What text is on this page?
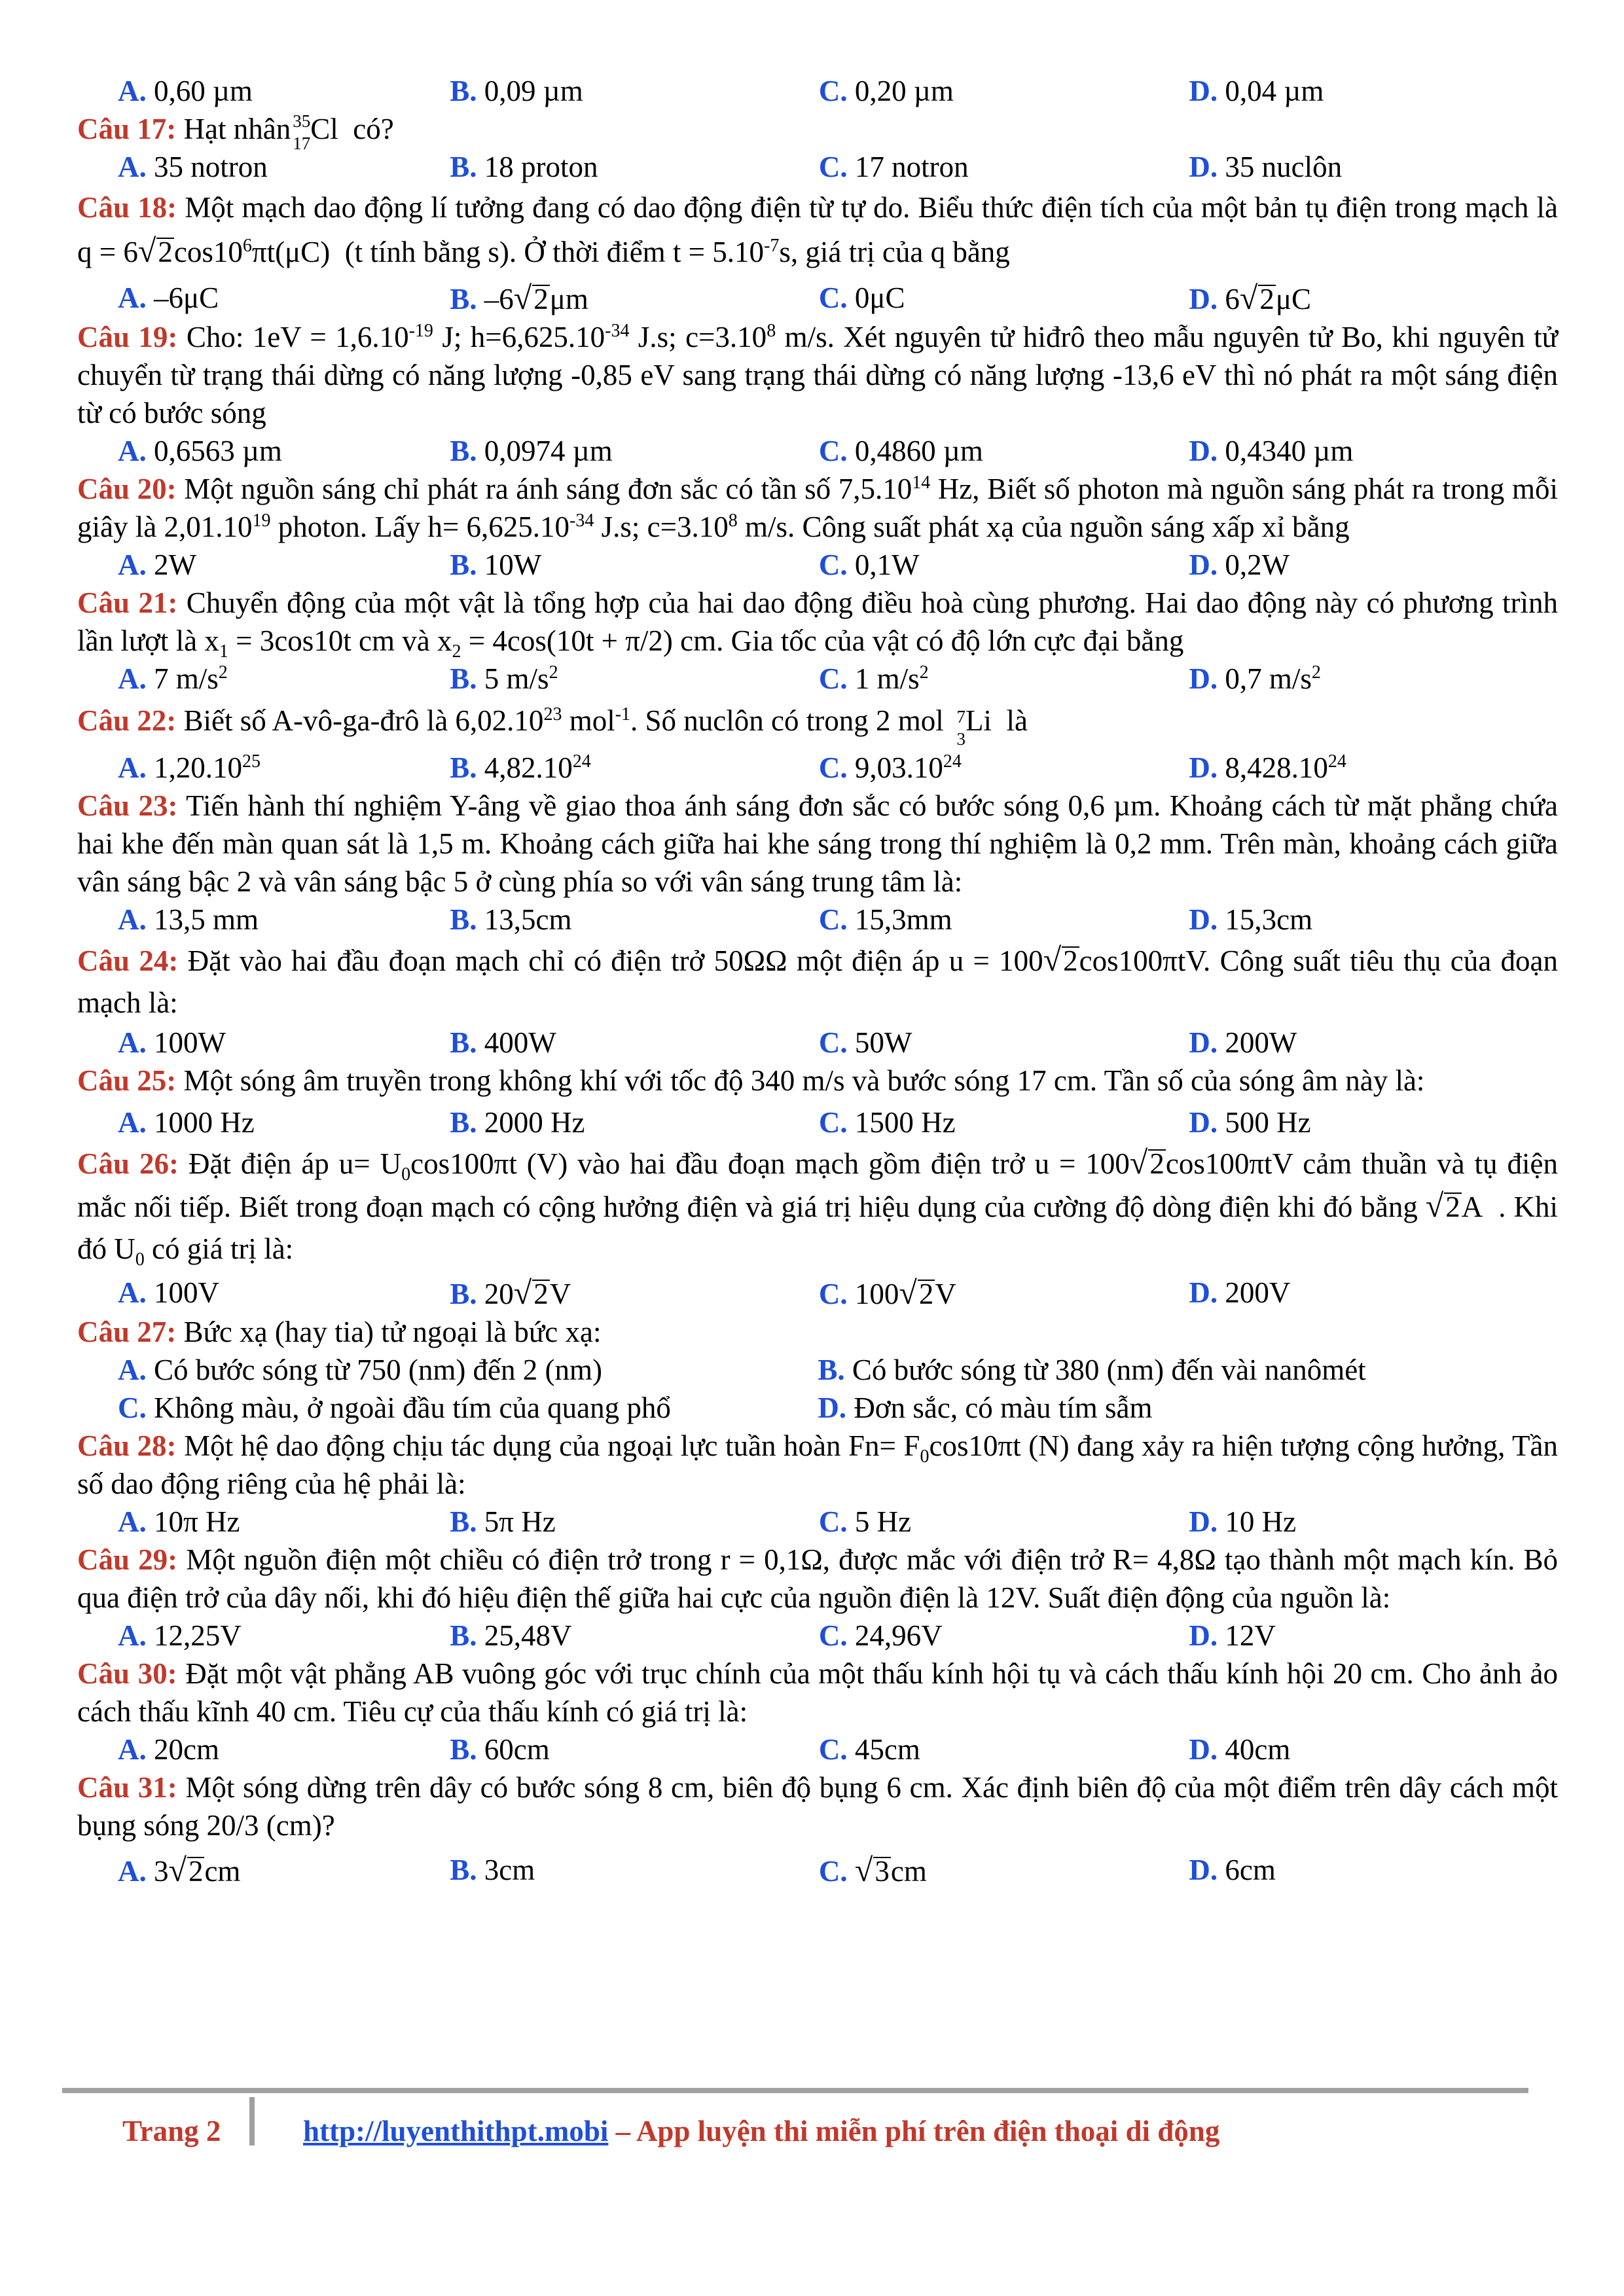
A. 0,60 µm	B. 0,09 µm	C. 0,20 µm	D. 0,04 µm
Câu 17: Hạt nhân 35
17 Cl có?
A. 35 notron	B. 18 proton	C. 17 notron	D. 35 nuclôn
Câu 18: Một mạch dao động lí tưởng đang có dao động điện từ tự do. Biểu thức điện tích của một bản tụ điện trong mạch là $q = 6√2\cos 10^6\pi t(\mu C)$ (t tính bằng s). Ở thời điểm $t = 5.10^{-7}s$, giá trị của q bằng
A. –6μC	B. –6√2μm	C. 0μC	D. 6√2μC
Câu 19: Cho: $1eV = 1,6.10^{-19}$ J; $h=6,625.10^{-34}$ J.s; $c=3.10^8$ m/s. Xét nguyên tử hiđrô theo mẫu nguyên tử Bo, khi nguyên tử chuyển từ trạng thái dừng có năng lượng -0,85 eV sang trạng thái dừng có năng lượng -13,6 eV thì nó phát ra một sáng điện từ có bước sóng
A. 0,6563 µm	B. 0,0974 µm	C. 0,4860 µm	D. 0,4340 µm
Câu 20: Một nguồn sáng chỉ phát ra ánh sáng đơn sắc có tần số 7,5.10$^{14}$ Hz, Biết số photon mà nguồn sáng phát ra trong mỗi giây là 2,01.10$^{19}$ photon. Lấy $h= 6,625.10^{-34}$ J.s; $c=3.10^8$ m/s. Công suất phát xạ của nguồn sáng xấp xỉ bằng
A. 2W	B. 10W	C. 0,1W	D. 0,2W
Câu 21: Chuyển động của một vật là tổng hợp của hai dao động điều hoà cùng phương. Hai dao động này có phương trình lần lượt là $x_1 = 3\cos 10t$ cm và $x_2 = 4\cos(10t + \pi/2)$ cm. Gia tốc của vật có độ lớn cực đại bằng
A. 7 $m/s^2$	B. 5 $m/s^2$	C. 1 $m/s^2$	D. 0,7 $m/s^2$
Câu 22: Biết số A-vô-ga-đrô là 6,02.10$^{23}$ mol$^{-1}$. Số nuclôn có trong 2 mol 7
3
Li là
A. 1,20.10$^{25}$	B. 4,82.10$^{24}$	C. 9,03.10$^{24}$	D. 8,428.10$^{24}$
Câu 23: Tiến hành thí nghiệm Y-âng về giao thoa ánh sáng đơn sắc có bước sóng 0,6 µm. Khoảng cách từ mặt phẳng chứa hai khe đến màn quan sát là 1,5 m. Khoảng cách giữa hai khe sáng trong thí nghiệm là 0,2 mm. Trên màn, khoảng cách giữa vân sáng bậc 2 và vân sáng bậc 5 ở cùng phía so với vân sáng trung tâm là:
A. 13,5 mm	B. 13,5cm	C. 15,3mm	D. 15,3cm
Câu 24: Đặt vào hai đầu đoạn mạch chỉ có điện trở 50ΩΩ một điện áp u = 100√2cos100πtV. Công suất tiêu thụ của đoạn mạch là:
A. 100W	B. 400W	C. 50W	D. 200W
Câu 25: Một sóng âm truyền trong không khí với tốc độ 340 m/s và bước sóng 17 cm. Tần số của sóng âm này là:
A. 1000 Hz	B. 2000 Hz	C. 1500 Hz	D. 500 Hz
Câu 26: Đặt điện áp $u= U_0\cos 100\pi t$ (V) vào hai đầu đoạn mạch gồm điện trở u = 100√2cos100πtV cảm thuần và tụ điện mắc nối tiếp. Biết trong đoạn mạch có cộng hưởng điện và giá trị hiệu dụng của cường độ dòng điện khi đó bằng √2A . Khi đó $U_0$ có giá trị là:
A. 100V	B. 20√2V	C. 100√2V	D. 200V
Câu 27: Bức xạ (hay tia) tử ngoại là bức xạ:
A. Có bước sóng từ 750 (nm) đến 2 (nm)	B. Có bước sóng từ 380 (nm) đến vài nanômét
C. Không màu, ở ngoài đầu tím của quang phổ	D. Đơn sắc, có màu tím sẫm
Câu 28: Một hệ dao động chịu tác dụng của ngoại lực tuần hoàn $Fn= F_0\cos 10\pi t$ (N) đang xảy ra hiện tượng cộng hưởng, Tần số dao động riêng của hệ phải là:
A. 10π Hz	B. 5π Hz	C. 5 Hz	D. 10 Hz
Câu 29: Một nguồn điện một chiều có điện trở trong r = 0,1Ω, được mắc với điện trở R= 4,8Ω tạo thành một mạch kín. Bỏ qua điện trở của dây nối, khi đó hiệu điện thế giữa hai cực của nguồn điện là 12V. Suất điện động của nguồn là:
A. 12,25V	B. 25,48V	C. 24,96V	D. 12V
Câu 30: Đặt một vật phẳng AB vuông góc với trục chính của một thấu kính hội tụ và cách thấu kính hội 20 cm. Cho ảnh ảo cách thấu kĩnh 40 cm. Tiêu cự của thấu kính có giá trị là:
A. 20cm	B. 60cm	C. 45cm	D. 40cm
Câu 31: Một sóng dừng trên dây có bước sóng 8 cm, biên độ bụng 6 cm. Xác định biên độ của một điểm trên dây cách một bụng sóng 20/3 (cm)?
A. 3√2cm	B. 3cm	C. √3cm	D. 6cm
Trang 2	http://luyenthithpt.mobi – App luyện thi miễn phí trên điện thoại di động
